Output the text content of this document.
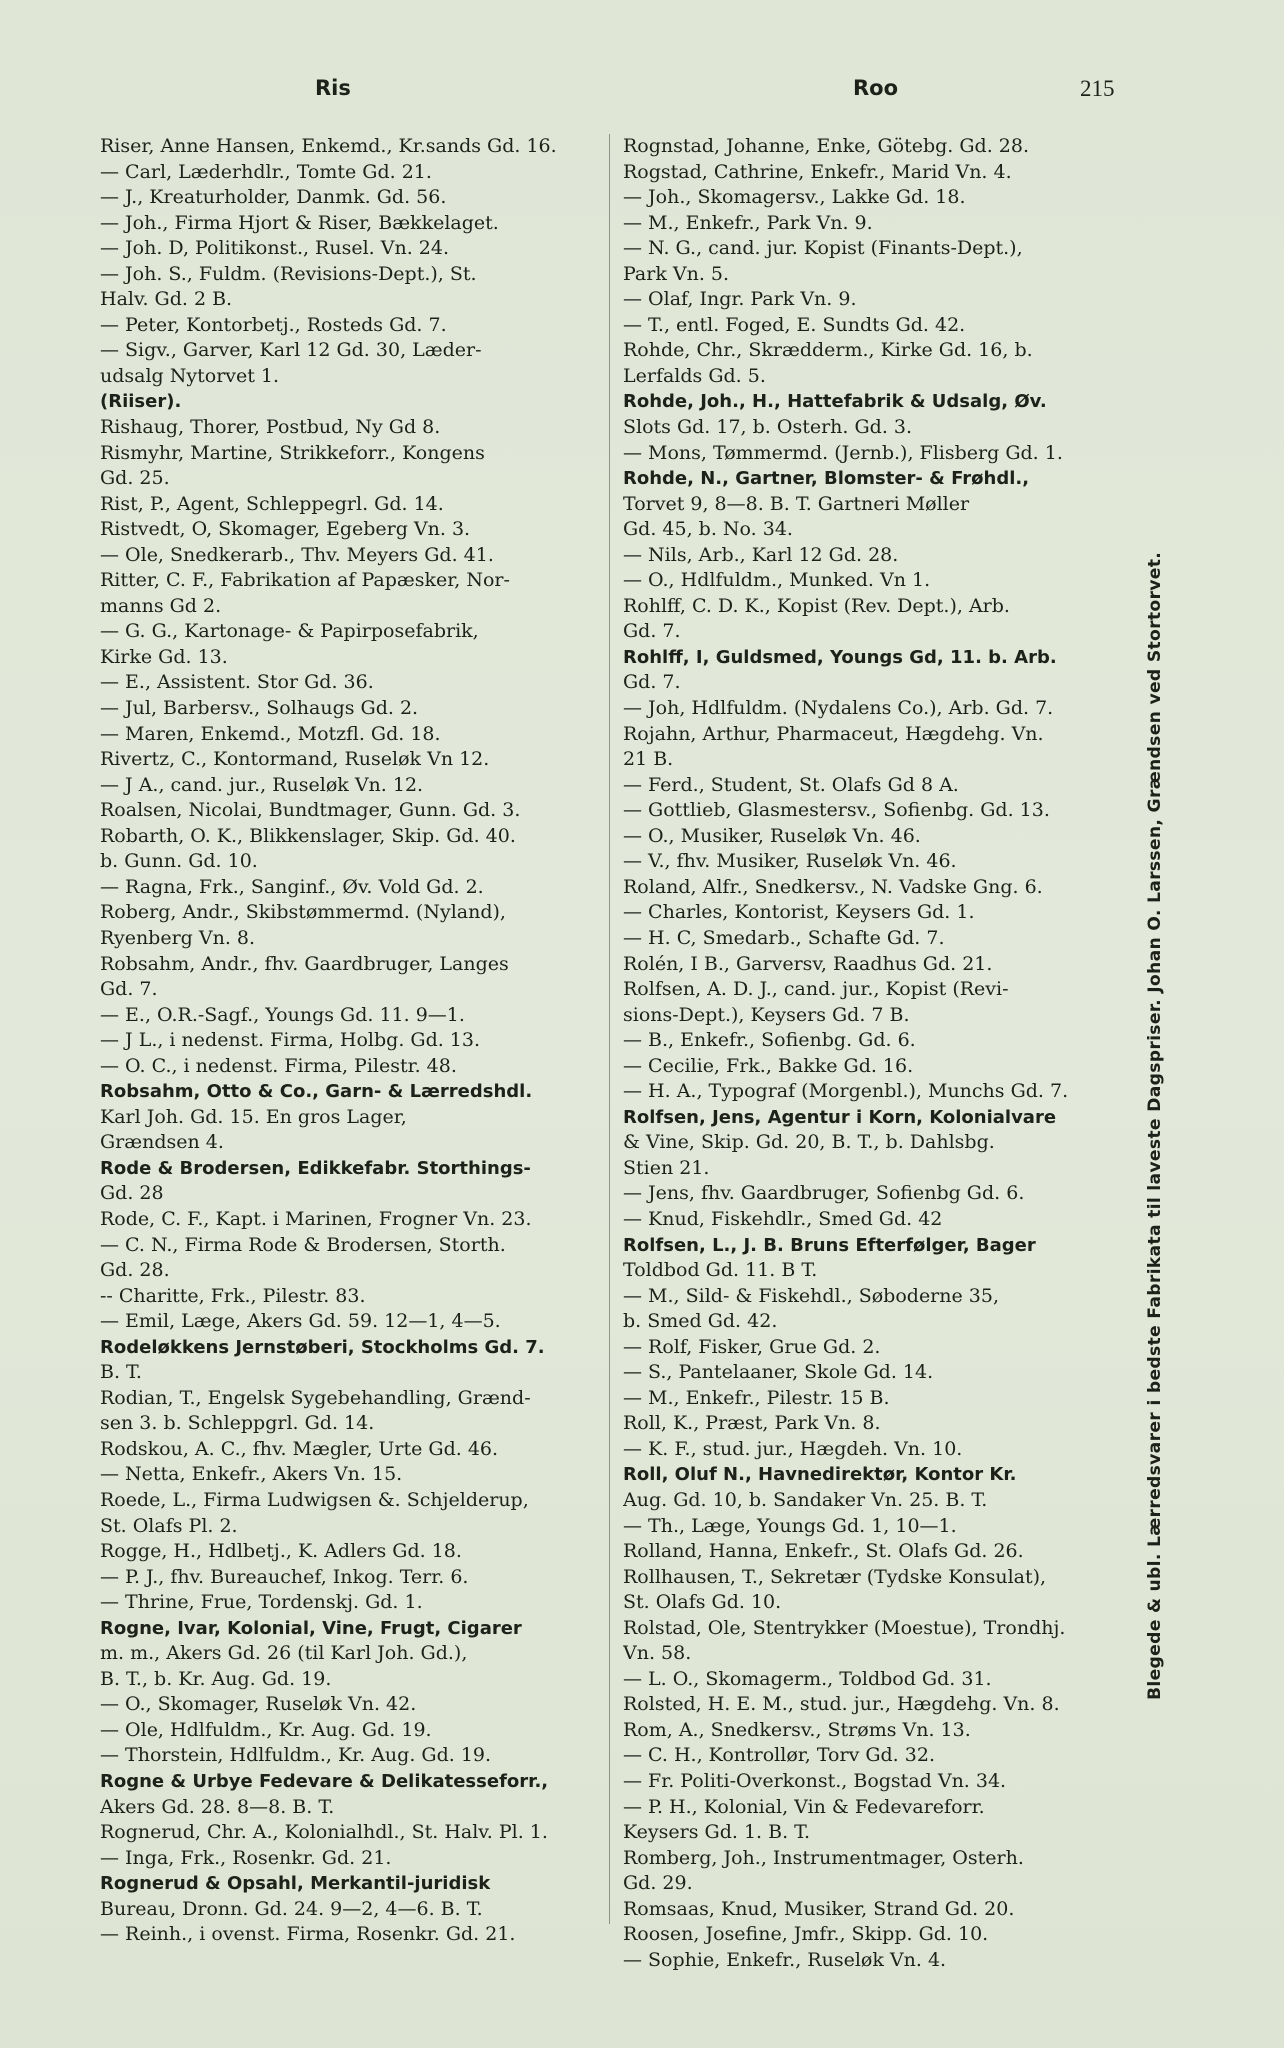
Ris	Roo	215
Riser, Anne Hansen, Enkemd., Kr.sands Gd. 16.
— Carl, Læderhdlr., Tomte Gd. 21.
— J., Kreaturholder, Danmk. Gd. 56.
— Joh., Firma Hjort & Riser, Bækkelaget.
— Joh. D, Politikonst., Rusel. Vn. 24.
— Joh. S., Fuldm. (Revisions-Dept.), St.
Halv. Gd. 2 B.
— Peter, Kontorbetj., Rosteds Gd. 7.
— Sigv., Garver, Karl 12 Gd. 30, Læder-
udsalg Nytorvet 1.
(Riiser).
Rishaug, Thorer, Postbud, Ny Gd 8.
Rismyhr, Martine, Strikkeforr., Kongens
Gd. 25.
Rist, P., Agent, Schleppegrl. Gd. 14.
Ristvedt, O, Skomager, Egeberg Vn. 3.
— Ole, Snedkerarb., Thv. Meyers Gd. 41.
Ritter, C. F., Fabrikation af Papæsker, Nor-
manns Gd 2.
— G. G., Kartonage- & Papirposefabrik,
Kirke Gd. 13.
— E., Assistent. Stor Gd. 36.
— Jul, Barbersv., Solhaugs Gd. 2.
— Maren, Enkemd., Motzfl. Gd. 18.
Rivertz, C., Kontormand, Ruseløk Vn 12.
— J A., cand. jur., Ruseløk Vn. 12.
Roalsen, Nicolai, Bundtmager, Gunn. Gd. 3.
Robarth, O. K., Blikkenslager, Skip. Gd. 40.
b. Gunn. Gd. 10.
— Ragna, Frk., Sanginf., Øv. Vold Gd. 2.
Roberg, Andr., Skibstømmermd. (Nyland),
Ryenberg Vn. 8.
Robsahm, Andr., fhv. Gaardbruger, Langes
Gd. 7.
— E., O.R.-Sagf., Youngs Gd. 11. 9—1.
— J L., i nedenst. Firma, Holbg. Gd. 13.
— O. C., i nedenst. Firma, Pilestr. 48.
Robsahm, Otto & Co., Garn- & Lærredshdl.
Karl Joh. Gd. 15. En gros Lager,
Grændsen 4.
Rode & Brodersen, Edikkefabr. Storthings-
Gd. 28
Rode, C. F., Kapt. i Marinen, Frogner Vn. 23.
— C. N., Firma Rode & Brodersen, Storth.
Gd. 28.
-- Charitte, Frk., Pilestr. 83.
— Emil, Læge, Akers Gd. 59. 12—1, 4—5.
Rodeløkkens Jernstøberi, Stockholms Gd. 7.
B. T.
Rodian, T., Engelsk Sygebehandling, Grænd-
sen 3. b. Schleppgrl. Gd. 14.
Rodskou, A. C., fhv. Mægler, Urte Gd. 46.
— Netta, Enkefr., Akers Vn. 15.
Roede, L., Firma Ludwigsen &. Schjelderup,
St. Olafs Pl. 2.
Rogge, H., Hdlbetj., K. Adlers Gd. 18.
— P. J., fhv. Bureauchef, Inkog. Terr. 6.
— Thrine, Frue, Tordenskj. Gd. 1.
Rogne, Ivar, Kolonial, Vine, Frugt, Cigarer
m. m., Akers Gd. 26 (til Karl Joh. Gd.),
B. T., b. Kr. Aug. Gd. 19.
— O., Skomager, Ruseløk Vn. 42.
— Ole, Hdlfuldm., Kr. Aug. Gd. 19.
— Thorstein, Hdlfuldm., Kr. Aug. Gd. 19.
Rogne & Urbye Fedevare & Delikatesseforr.,
Akers Gd. 28. 8—8. B. T.
Rognerud, Chr. A., Kolonialhdl., St. Halv. Pl. 1.
— Inga, Frk., Rosenkr. Gd. 21.
Rognerud & Opsahl, Merkantil-juridisk
Bureau, Dronn. Gd. 24. 9—2, 4—6. B. T.
— Reinh., i ovenst. Firma, Rosenkr. Gd. 21.
Rognstad, Johanne, Enke, Götebg. Gd. 28.
Rogstad, Cathrine, Enkefr., Marid Vn. 4.
— Joh., Skomagersv., Lakke Gd. 18.
— M., Enkefr., Park Vn. 9.
— N. G., cand. jur. Kopist (Finants-Dept.),
Park Vn. 5.
— Olaf, Ingr. Park Vn. 9.
— T., entl. Foged, E. Sundts Gd. 42.
Rohde, Chr., Skrædderm., Kirke Gd. 16, b.
Lerfalds Gd. 5.
Rohde, Joh., H., Hattefabrik & Udsalg, Øv.
Slots Gd. 17, b. Osterh. Gd. 3.
— Mons, Tømmermd. (Jernb.), Flisberg Gd. 1.
Rohde, N., Gartner, Blomster- & Frøhdl.,
Torvet 9, 8—8. B. T. Gartneri Møller
Gd. 45, b. No. 34.
— Nils, Arb., Karl 12 Gd. 28.
— O., Hdlfuldm., Munked. Vn 1.
Rohlff, C. D. K., Kopist (Rev. Dept.), Arb.
Gd. 7.
Rohlff, I, Guldsmed, Youngs Gd, 11. b. Arb.
Gd. 7.
— Joh, Hdlfuldm. (Nydalens Co.), Arb. Gd. 7.
Rojahn, Arthur, Pharmaceut, Hægdehg. Vn.
21 B.
— Ferd., Student, St. Olafs Gd 8 A.
— Gottlieb, Glasmestersv., Sofienbg. Gd. 13.
— O., Musiker, Ruseløk Vn. 46.
— V., fhv. Musiker, Ruseløk Vn. 46.
Roland, Alfr., Snedkersv., N. Vadske Gng. 6.
— Charles, Kontorist, Keysers Gd. 1.
— H. C, Smedarb., Schafte Gd. 7.
Rolén, I B., Garversv, Raadhus Gd. 21.
Rolfsen, A. D. J., cand. jur., Kopist (Revi-
sions-Dept.), Keysers Gd. 7 B.
— B., Enkefr., Sofienbg. Gd. 6.
— Cecilie, Frk., Bakke Gd. 16.
— H. A., Typograf (Morgenbl.), Munchs Gd. 7.
Rolfsen, Jens, Agentur i Korn, Kolonialvare
& Vine, Skip. Gd. 20, B. T., b. Dahlsbg.
Stien 21.
— Jens, fhv. Gaardbruger, Sofienbg Gd. 6.
— Knud, Fiskehdlr., Smed Gd. 42
Rolfsen, L., J. B. Bruns Efterfølger, Bager
Toldbod Gd. 11. B T.
— M., Sild- & Fiskehdl., Søboderne 35,
b. Smed Gd. 42.
— Rolf, Fisker, Grue Gd. 2.
— S., Pantelaaner, Skole Gd. 14.
— M., Enkefr., Pilestr. 15 B.
Roll, K., Præst, Park Vn. 8.
— K. F., stud. jur., Hægdeh. Vn. 10.
Roll, Oluf N., Havnedirektør, Kontor Kr.
Aug. Gd. 10, b. Sandaker Vn. 25. B. T.
— Th., Læge, Youngs Gd. 1, 10—1.
Rolland, Hanna, Enkefr., St. Olafs Gd. 26.
Rollhausen, T., Sekretær (Tydske Konsulat),
St. Olafs Gd. 10.
Rolstad, Ole, Stentrykker (Moestue), Trondhj.
Vn. 58.
— L. O., Skomagerm., Toldbod Gd. 31.
Rolsted, H. E. M., stud. jur., Hægdehg. Vn. 8.
Rom, A., Snedkersv., Strøms Vn. 13.
— C. H., Kontrollør, Torv Gd. 32.
— Fr. Politi-Overkonst., Bogstad Vn. 34.
— P. H., Kolonial, Vin & Fedevareforr.
Keysers Gd. 1. B. T.
Romberg, Joh., Instrumentmager, Osterh.
Gd. 29.
Romsaas, Knud, Musiker, Strand Gd. 20.
Roosen, Josefine, Jmfr., Skipp. Gd. 10.
— Sophie, Enkefr., Ruseløk Vn. 4.
Blegede & ubl. Lærredsvarer i bedste Fabrikata til laveste Dagspriser. Johan O. Larssen, Grændsen ved Stortorvet.
